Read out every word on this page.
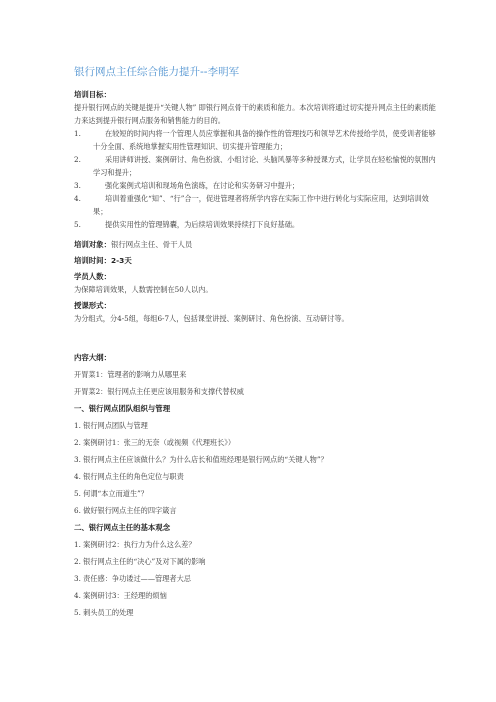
银行网点主任综合能力提升--李明军

培训目标：

提升银行网点的关键是提升“关键人物” 即银行网点骨干的素质和能力。本次培训将通过切实提升网点主任的素质能力来达到提升银行网点服务和销售能力的目的。

1.	在较短的时间内将一个管理人员应掌握和具备的操作性的管理技巧和领导艺术传授给学员，使受训者能够十分全面、系统地掌握实用性管理知识、切实提升管理能力；
2.	采用讲师讲授、案例研讨、角色扮演、小组讨论、头脑风暴等多种授课方式，让学员在轻松愉悦的氛围内学习和提升；
3.	强化案例式培训和现场角色演练，在讨论和实务研习中提升；
4.	培训着重强化“知”、“行”合一，促进管理者将所学内容在实际工作中进行转化与实际应用，达到培训效果；
5.	提供实用性的管理锦囊，为后续培训效果持续打下良好基础。

培训对象：银行网点主任、骨干人员

培训时间：2-3天

学员人数：

为保障培训效果，人数需控制在50人以内。

授课形式：

为分组式，分4-5组，每组6-7人，包括课堂讲授、案例研讨、角色扮演、互动研讨等。

内容大纲：

开胃菜1：管理者的影响力从哪里来

开胃菜2：银行网点主任更应该用服务和支撑代替权威

一、银行网点团队组织与管理

1. 银行网点团队与管理

2. 案例研讨1：张三的无奈（或视频《代理班长》）

3. 银行网点主任应该做什么？为什么店长和值班经理是银行网点的“关键人物”？

4. 银行网点主任的角色定位与职责

5. 何谓“本立而道生”？

6. 做好银行网点主任的四字箴言

二、银行网点主任的基本观念

1. 案例研讨2：执行力为什么这么差？

2. 银行网点主任的“决心”及对下属的影响

3. 责任感：争功诿过——管理者大忌

4. 案例研讨3：王经理的烦恼

5. 刺头员工的处理
